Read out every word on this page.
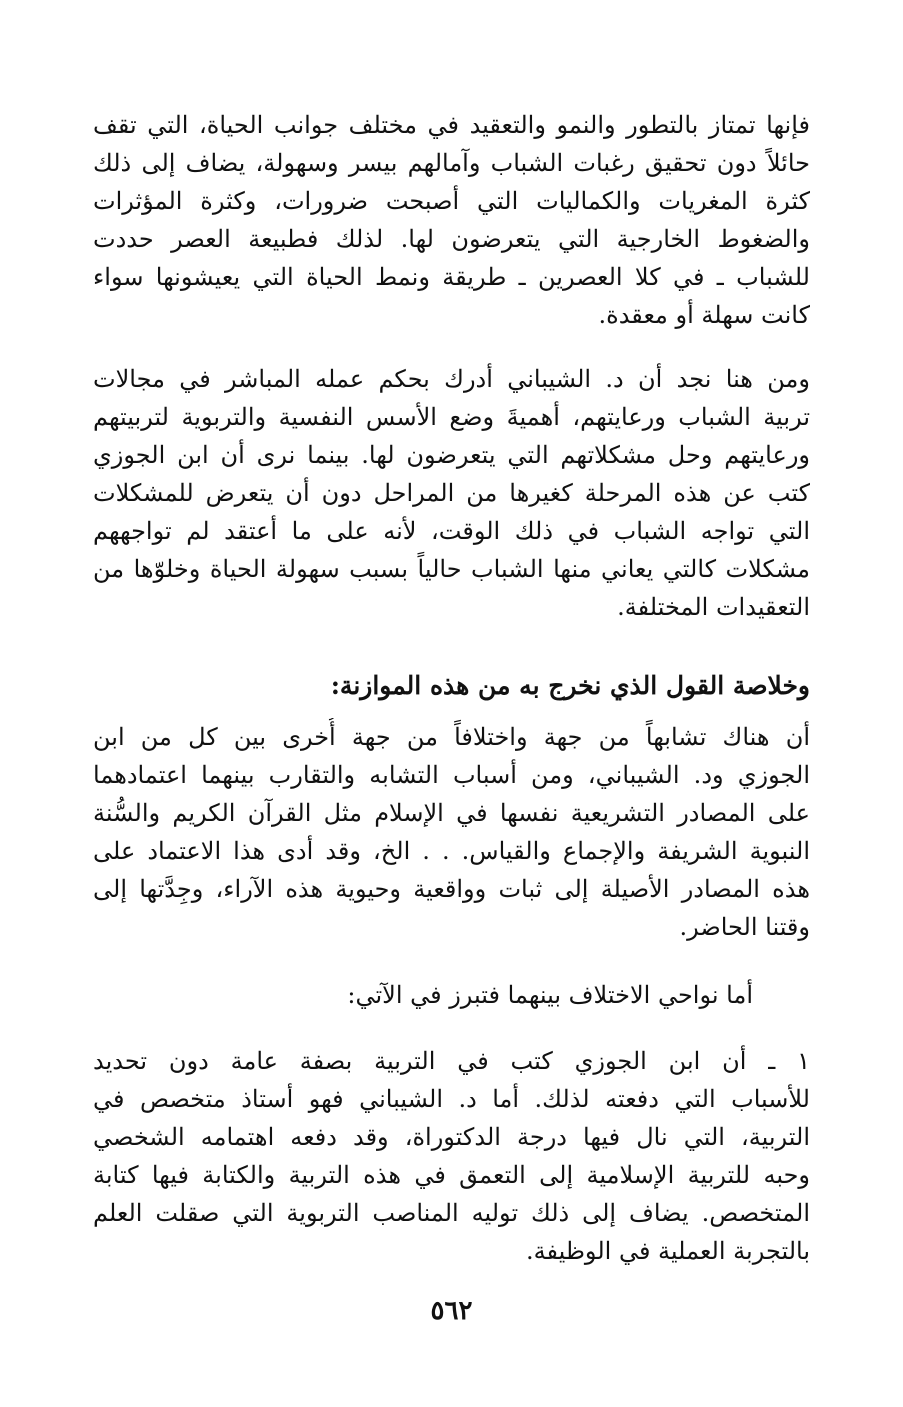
فإنها تمتاز بالتطور والنمو والتعقيد في مختلف جوانب الحياة، التي تقف
حائلاً دون تحقيق رغبات الشباب وآمالهم بيسر وسهولة، يضاف إلى ذلك
كثرة المغريات والكماليات التي أصبحت ضرورات، وكثرة المؤثرات
والضغوط الخارجية التي يتعرضون لها. لذلك فطبيعة العصر حددت
للشباب ـ في كلا العصرين ـ طريقة ونمط الحياة التي يعيشونها سواء
كانت سهلة أو معقدة.
ومن هنا نجد أن د. الشيباني أدرك بحكم عمله المباشر في مجالات
تربية الشباب ورعايتهم، أهميةَ وضع الأسس النفسية والتربوية لتربيتهم
ورعايتهم وحل مشكلاتهم التي يتعرضون لها. بينما نرى أن ابن الجوزي
كتب عن هذه المرحلة كغيرها من المراحل دون أن يتعرض للمشكلات
التي تواجه الشباب في ذلك الوقت، لأنه على ما أعتقد لم تواجههم
مشكلات كالتي يعاني منها الشباب حالياً بسبب سهولة الحياة وخلوّها من
التعقيدات المختلفة.
وخلاصة القول الذي نخرج به من هذه الموازنة:
أن هناك تشابهاً من جهة واختلافاً من جهة أُخرى بين كل من ابن
الجوزي ود. الشيباني، ومن أسباب التشابه والتقارب بينهما اعتمادهما
على المصادر التشريعية نفسها في الإسلام مثل القرآن الكريم والسُّنة
النبوية الشريفة والإجماع والقياس. . . الخ، وقد أدى هذا الاعتماد على
هذه المصادر الأصيلة إلى ثبات وواقعية وحيوية هذه الآراء، وجِدَّتها إلى
وقتنا الحاضر.
أما نواحي الاختلاف بينهما فتبرز في الآتي:
١ ـ أن ابن الجوزي كتب في التربية بصفة عامة دون تحديد
للأسباب التي دفعته لذلك. أما د. الشيباني فهو أستاذ متخصص في
التربية، التي نال فيها درجة الدكتوراة، وقد دفعه اهتمامه الشخصي
وحبه للتربية الإسلامية إلى التعمق في هذه التربية والكتابة فيها كتابة
المتخصص. يضاف إلى ذلك توليه المناصب التربوية التي صقلت العلم
بالتجربة العملية في الوظيفة.
٥٦٢
